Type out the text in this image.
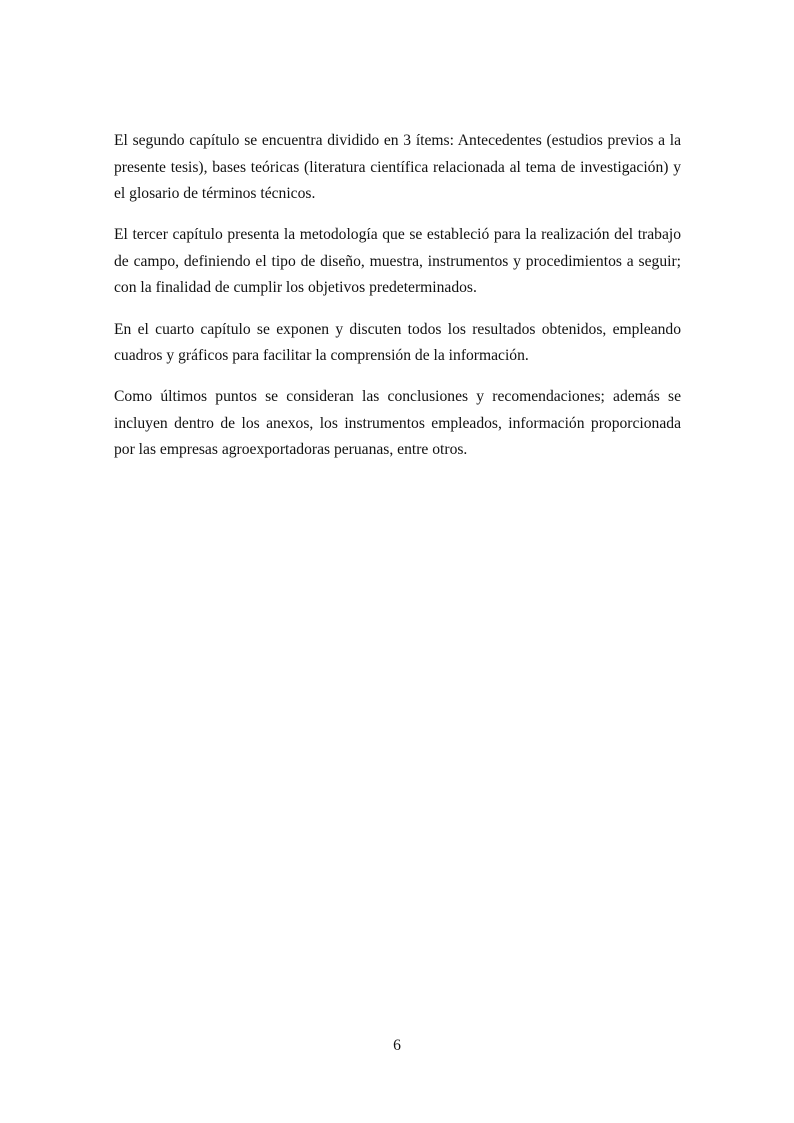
El segundo capítulo se encuentra dividido en 3 ítems: Antecedentes (estudios previos a la presente tesis), bases teóricas (literatura científica relacionada al tema de investigación) y el glosario de términos técnicos.

El tercer capítulo presenta la metodología que se estableció para la realización del trabajo de campo, definiendo el tipo de diseño, muestra, instrumentos y procedimientos a seguir; con la finalidad de cumplir los objetivos predeterminados.

En el cuarto capítulo se exponen y discuten todos los resultados obtenidos, empleando cuadros y gráficos para facilitar la comprensión de la información.

Como últimos puntos se consideran las conclusiones y recomendaciones; además se incluyen dentro de los anexos, los instrumentos empleados, información proporcionada por las empresas agroexportadoras peruanas, entre otros.

6
